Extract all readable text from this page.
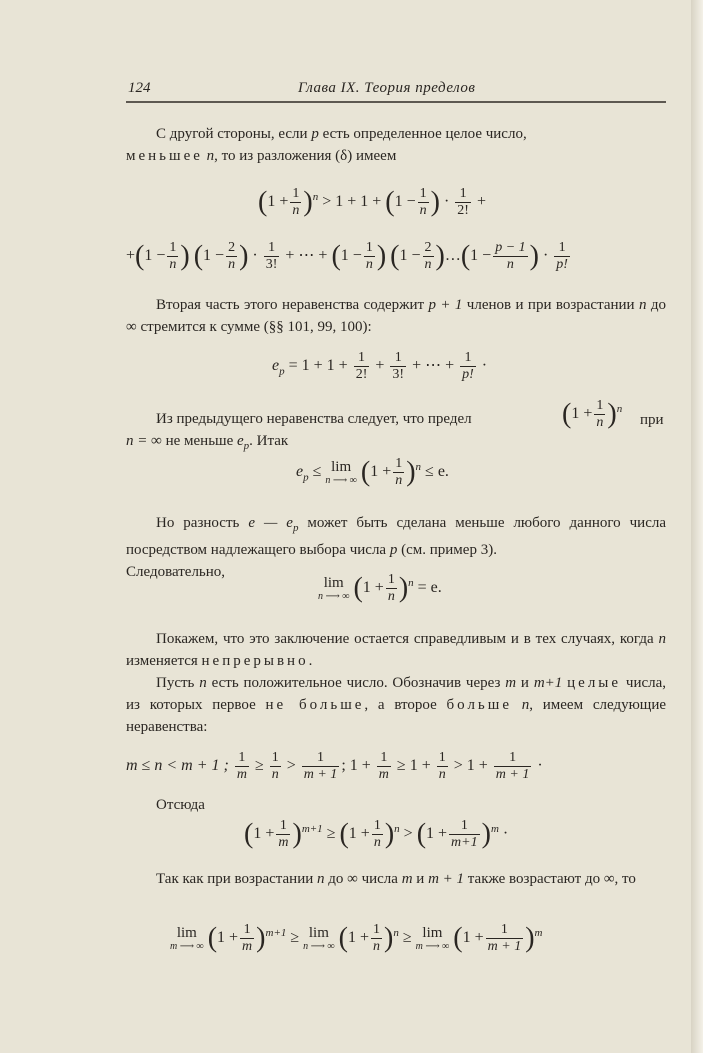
124	Глава IX. Теория пределов
С другой стороны, если p есть определенное целое число,
меньшее n, то из разложения (δ) имеем
$(1 + \frac{1}{n} )^n > 1 + 1 + (1 - \frac{1}{n}$ ) · $\frac{1}{2!}$ +
$+(1 - \frac{1}{n}$ ) ($1 - \frac{2}{n}$ ) · $\frac{1}{3!}$ + ⋯ + ($1 - \frac{1}{n}$ ) ($1 - \frac{2}{n}$ )…(1 − $\frac{p - 1}{n}$ ) · $\frac{1}{p!}$
Вторая часть этого неравенства содержит p + 1 членов и при возрастании n до ∞ стремится к сумме (§§ 101, 99, 100):
$e_p = 1 + 1 + \frac{1}{2!} + \frac{1}{3!}$ + ⋯ + $\frac{1}{p!}$ ·
Из предыдущего неравенства следует, что предел
n = ∞ не меньше $e_p$. Итак
$(1 + \frac{1}{n} )^n$
при
$e_p \le \lim$
n ⟶ ∞ $(1 + \frac{1}{n} )^n \le e$.
Но разность e — $e_p$ может быть сделана меньше любого данного числа посредством надлежащего выбора числа p (см. пример 3).
Следовательно,
lim
n ⟶ ∞ $(1 + \frac{1}{n} )^n = e$.
Покажем, что это заключение остается справедливым и в тех случаях, когда n изменяется непрерывно.
Пусть n есть положительное число. Обозначив через m и m+1 целые числа, из которых первое не больше, а второе больше n, имеем следующие неравенства:
m ≤ n < m + 1 ; $\frac{1}{m} \ge \frac{1}{n} > \frac{1}{m + 1}$ ; $1 + \frac{1}{m} \ge 1 + \frac{1}{n} > 1 + \frac{1}{m + 1}$ ·
Отсюда
$(1 + \frac{1}{m} )^{m+1} \ge (1 + \frac{1}{n} )^n > (1 + \frac{1}{m+1} )^m$ ·
Так как при возрастании n до ∞ числа m и m + 1 также возрастают до ∞, то
lim
m ⟶ ∞ $(1 + \frac{1}{m} )^{m+1} \ge \lim$
n ⟶ ∞ $(1 + \frac{1}{n} )^n \ge \lim$
m ⟶ ∞ $(1 + \frac{1}{m + 1} )^m$
